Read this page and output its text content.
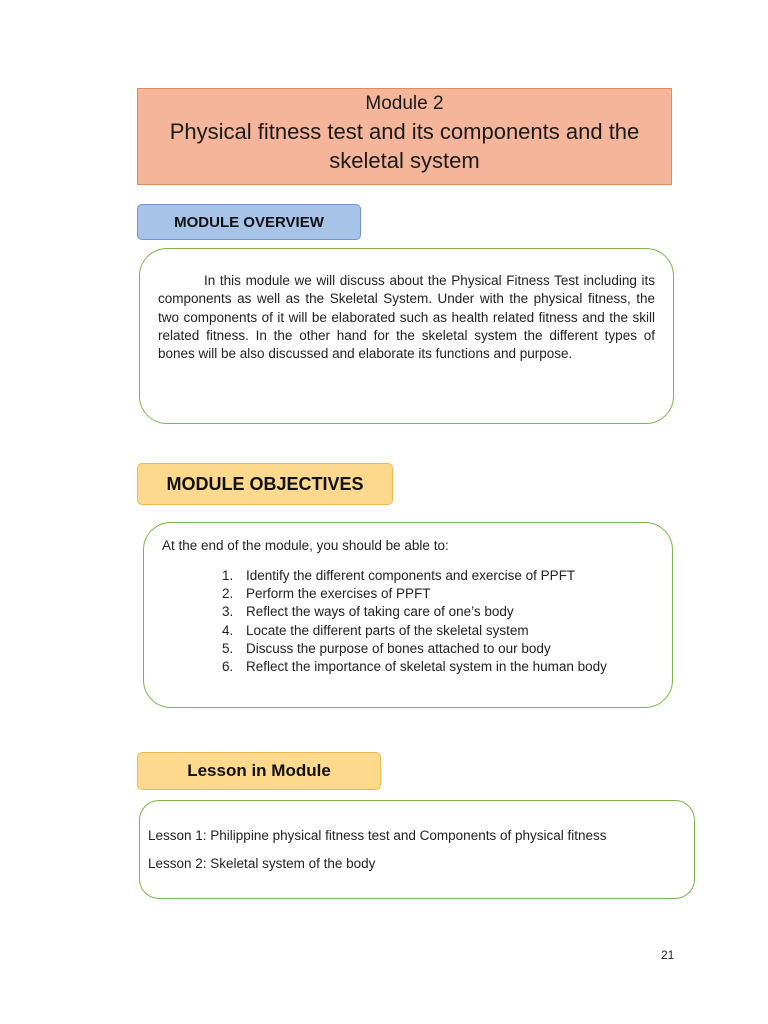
Module 2
Physical fitness test and its components and the skeletal system
MODULE OVERVIEW

In this module we will discuss about the Physical Fitness Test including its components as well as the Skeletal System. Under with the physical fitness, the two components of it will be elaborated such as health related fitness and the skill related fitness. In the other hand for the skeletal system the different types of bones will be also discussed and elaborate its functions and purpose.

MODULE OBJECTIVES

At the end of the module, you should be able to:

1. Identify the different components and exercise of PPFT
2. Perform the exercises of PPFT
3. Reflect the ways of taking care of one’s body
4. Locate the different parts of the skeletal system
5. Discuss the purpose of bones attached to our body
6. Reflect the importance of skeletal system in the human body
Lesson in Module

Lesson 1: Philippine physical fitness test and Components of physical fitness

Lesson 2: Skeletal system of the body

21
